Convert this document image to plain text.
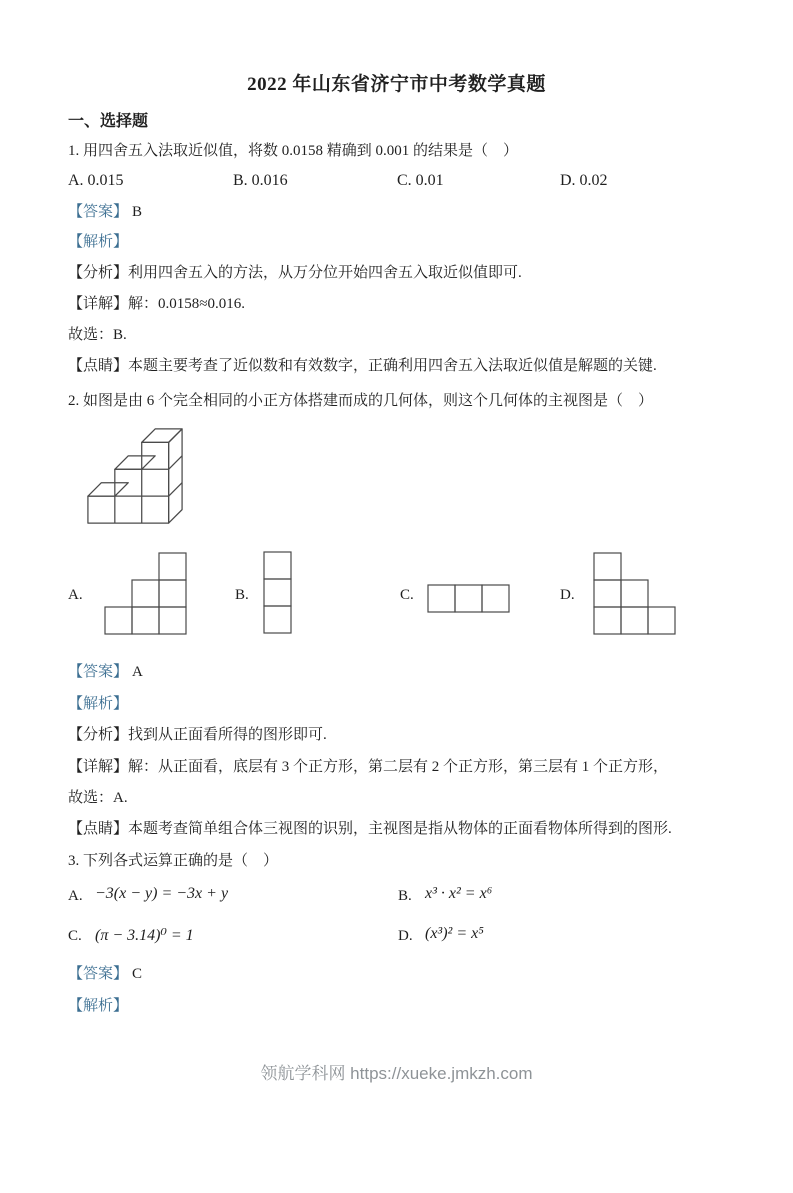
2022 年山东省济宁市中考数学真题
一、选择题

1. 用四舍五入法取近似值，将数 0.0158 精确到 0.001 的结果是（　）

A. 0.015	B. 0.016	C. 0.01	D. 0.02

【答案】 B

【解析】

【分析】利用四舍五入的方法，从万分位开始四舍五入取近似值即可.

【详解】解：0.0158≈0.016.

故选：B.

【点睛】本题主要考查了近似数和有效数字，正确利用四舍五入法取近似值是解题的关键.

2. 如图是由 6 个完全相同的小正方体搭建而成的几何体，则这个几何体的主视图是（　）

A.	B.	C.	D.

【答案】 A

【解析】

【分析】找到从正面看所得的图形即可.

【详解】解：从正面看，底层有 3 个正方形，第二层有 2 个正方形，第三层有 1 个正方形，

故选：A.

【点睛】本题考查简单组合体三视图的识别，主视图是指从物体的正面看物体所得到的图形.

3. 下列各式运算正确的是（　）

A. −3(x − y) = −3x + y	B. x³ · x² = x⁶
C. (π − 3.14)⁰ = 1	D. (x³)² = x⁵

【答案】 C

【解析】

领航学科网 https://xueke.jmkzh.com
